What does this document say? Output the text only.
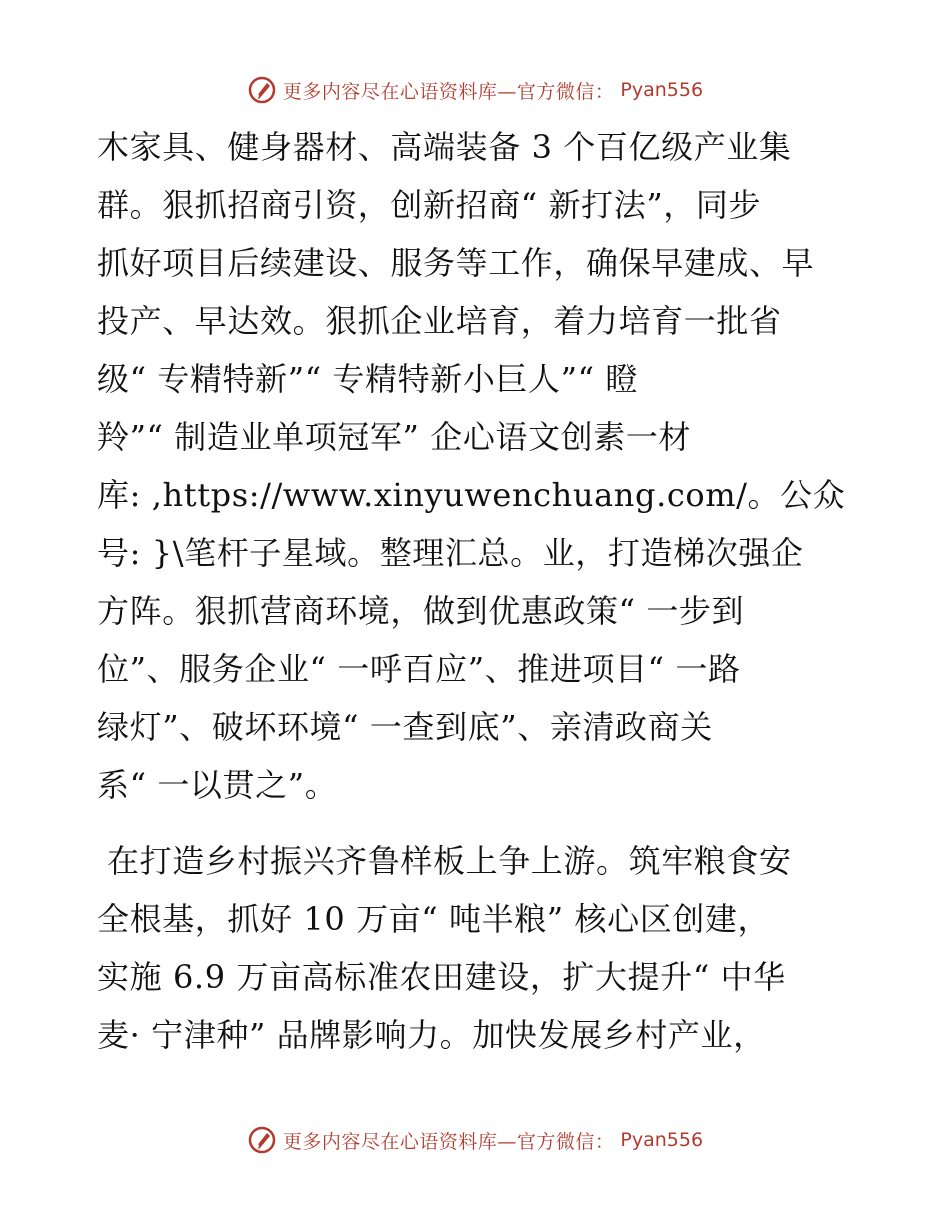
更多内容尽在心语资料库—官方微信： Pyan556
木家具、健身器材、高端装备 3 个百亿级产业集
群。狠抓招商引资，创新招商“ 新打法”，同步
抓好项目后续建设、服务等工作，确保早建成、早
投产、早达效。狠抓企业培育，着力培育一批省
级“ 专精特新”“ 专精特新小巨人”“ 瞪
羚”“ 制造业单项冠军” 企心语文创素一材
库: ,https://www.xinyuwenchuang.com/。公众
号: }\笔杆子星域。整理汇总。业，打造梯次强企
方阵。狠抓营商环境，做到优惠政策“ 一步到
位”、服务企业“ 一呼百应”、推进项目“ 一路
绿灯”、破坏环境“ 一查到底”、亲清政商关
系“ 一以贯之”。
在打造乡村振兴齐鲁样板上争上游。筑牢粮食安
全根基，抓好 10 万亩“ 吨半粮” 核心区创建，
实施 6.9 万亩高标准农田建设，扩大提升“ 中华
麦· 宁津种” 品牌影响力。加快发展乡村产业，
更多内容尽在心语资料库—官方微信： Pyan556
